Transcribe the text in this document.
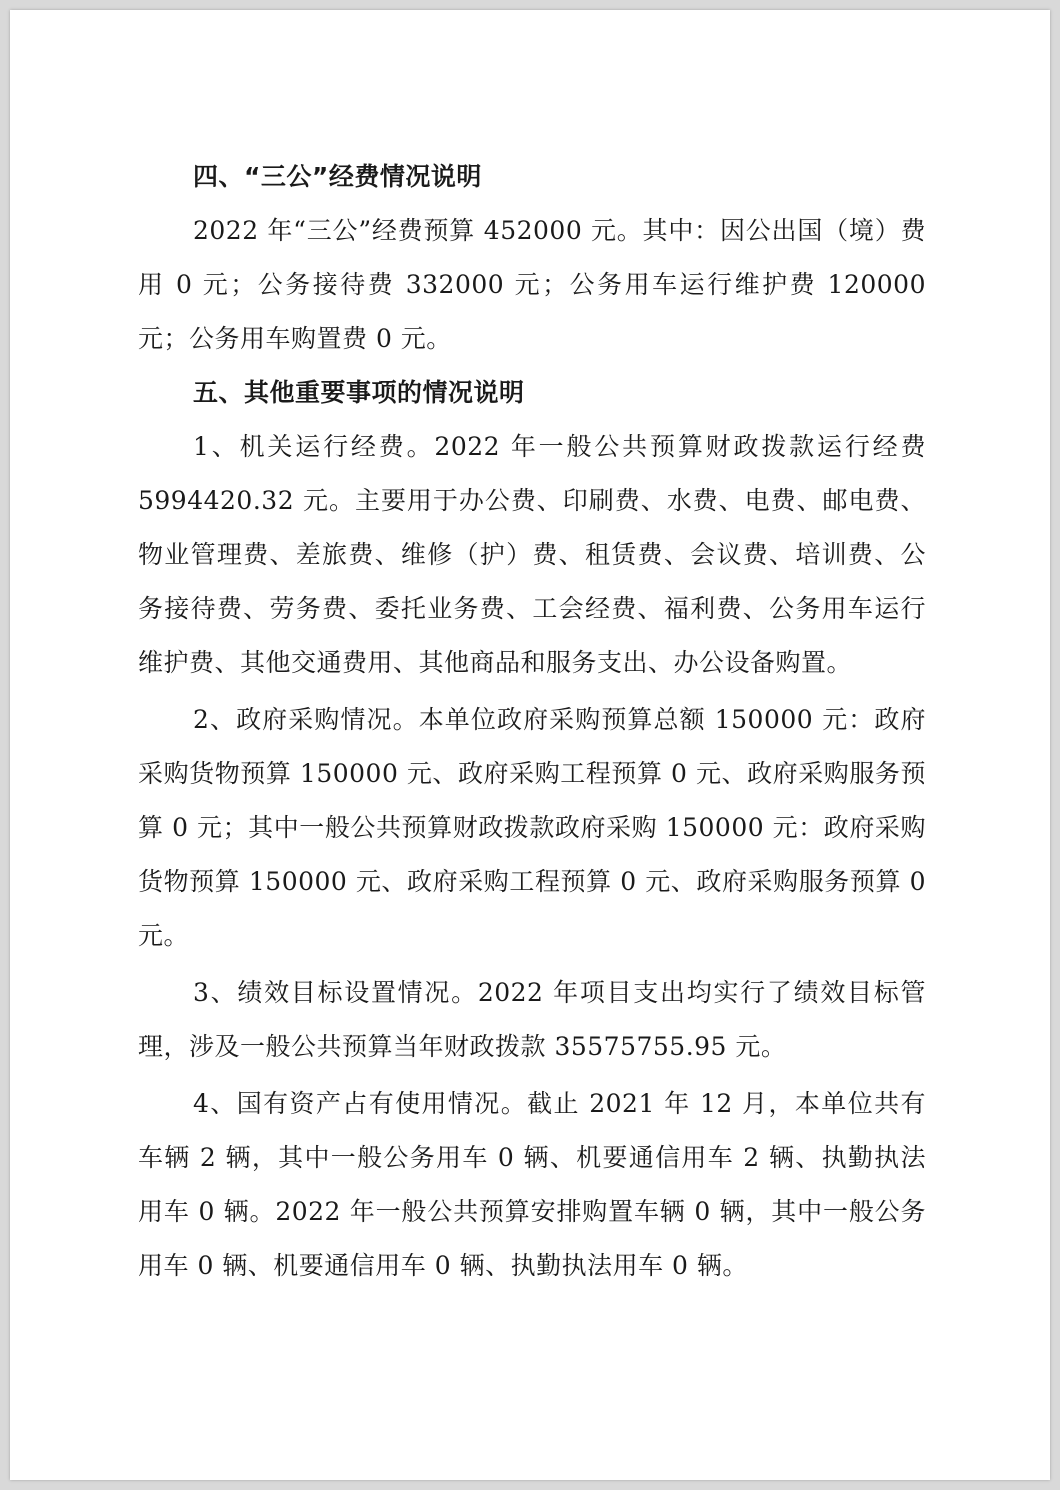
四、“三公”经费情况说明

2022 年“三公”经费预算 452000 元。其中：因公出国（境）费用 0 元；公务接待费 332000 元；公务用车运行维护费 120000 元；公务用车购置费 0 元。

五、其他重要事项的情况说明

1、机关运行经费。2022 年一般公共预算财政拨款运行经费 5994420.32 元。主要用于办公费、印刷费、水费、电费、邮电费、物业管理费、差旅费、维修（护）费、租赁费、会议费、培训费、公务接待费、劳务费、委托业务费、工会经费、福利费、公务用车运行维护费、其他交通费用、其他商品和服务支出、办公设备购置。

2、政府采购情况。本单位政府采购预算总额 150000 元：政府采购货物预算 150000 元、政府采购工程预算 0 元、政府采购服务预算 0 元；其中一般公共预算财政拨款政府采购 150000 元：政府采购货物预算 150000 元、政府采购工程预算 0 元、政府采购服务预算 0 元。

3、绩效目标设置情况。2022 年项目支出均实行了绩效目标管理，涉及一般公共预算当年财政拨款 35575755.95 元。

4、国有资产占有使用情况。截止 2021 年 12 月，本单位共有车辆 2 辆，其中一般公务用车 0 辆、机要通信用车 2 辆、执勤执法用车 0 辆。2022 年一般公共预算安排购置车辆 0 辆，其中一般公务用车 0 辆、机要通信用车 0 辆、执勤执法用车 0 辆。
